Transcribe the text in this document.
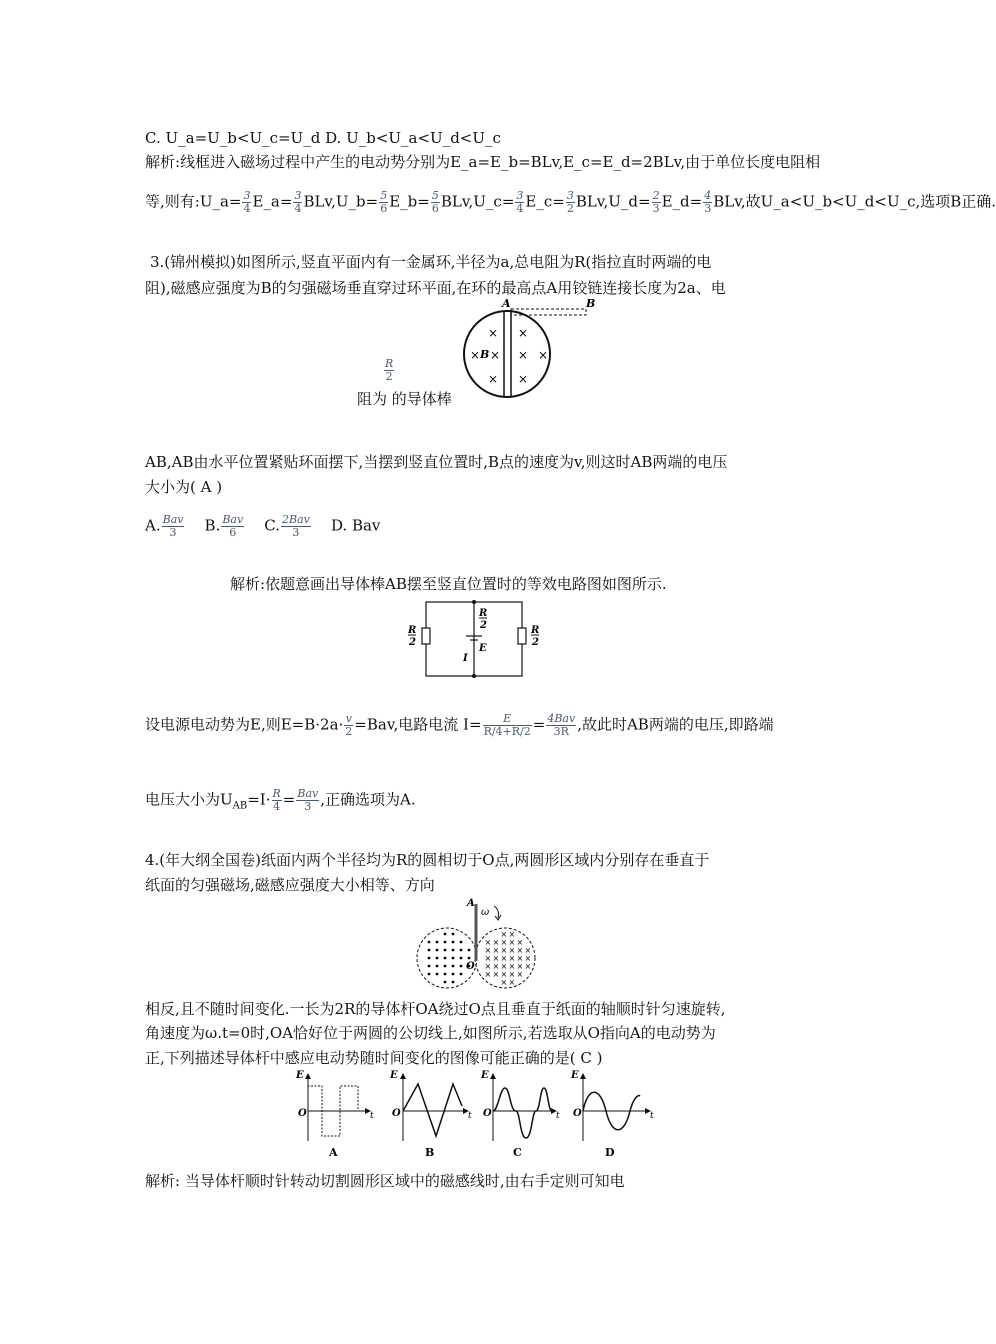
C. U_a=U_b<U_c=U_d D. U_b<U_a<U_d<U_c
解析:线框进入磁场过程中产生的电动势分别为E_a=E_b=BLv,E_c=E_d=2BLv,由于单位长度电阻相
等,则有:U_a= $\frac{3}{4}$ E_a= $\frac{3}{4}$ BLv,U_b= $\frac{5}{6}$ E_b= $\frac{5}{6}$ BLv,U_c= $\frac{3}{4}$ E_c= $\frac{3}{2}$ BLv,U_d= $\frac{2}{3}$ E_d= $\frac{4}{3}$ BLv,故U_a<U_b<U_d<U_c,选项B正确.
3.(锦州模拟)如图所示,竖直平面内有一金属环,半径为a,总电阻为R(指拉直时两端的电
阻),磁感应强度为B的匀强磁场垂直穿过环平面,在环的最高点A用铰链连接长度为2a、电
A	B
B
×
× ×
×
×
× ×
×
$\frac{R}{2}$
阻为 的导体棒
AB,AB由水平位置紧贴环面摆下,当摆到竖直位置时,B点的速度为v,则这时AB两端的电压
大小为( A )
A. $\frac{\text{Bav}}{3} B$. $\frac{\text{Bav}}{6} C$. $\frac{\text{2Bav}}{3} D$. Bav
解析:依题意画出导体棒AB摆至竖直位置时的等效电路图如图所示.
R
2
R
2
R
2
E
I
设电源电动势为E,则$E=B\cdot 2a\cdot \frac{v}{2} =Bav$,电路电流 $I= \frac{E}{R/4+R/2} = \frac{\text{4Bav}}{3R}$ ,故此时AB两端的电压,即路端
电压大小为$U_{AB}=I\cdot \frac{R}{4} = \frac{\text{Bav}}{3}$ ,正确选项为A.
4.(年大纲全国卷)纸面内两个半径均为R的圆相切于O点,两圆形区域内分别存在垂直于
纸面的匀强磁场,磁感应强度大小相等、方向
× ×
× × × × ×
× × × × × ×
× × × × × ×
× × × × × ×
× × × × ×
× ×
A
O
ω
相反,且不随时间变化.一长为2R的导体杆OA绕过O点且垂直于纸面的轴顺时针匀速旋转,
角速度为ω.t=0时,OA恰好位于两圆的公切线上,如图所示,若选取从O指向A的电动势为
正,下列描述导体杆中感应电动势随时间变化的图像可能正确的是( C )
E
O	t
A
E
O	t
B
E
O	t
C
E
O	t
D
解析: 当导体杆顺时针转动切割圆形区域中的磁感线时,由右手定则可知电
